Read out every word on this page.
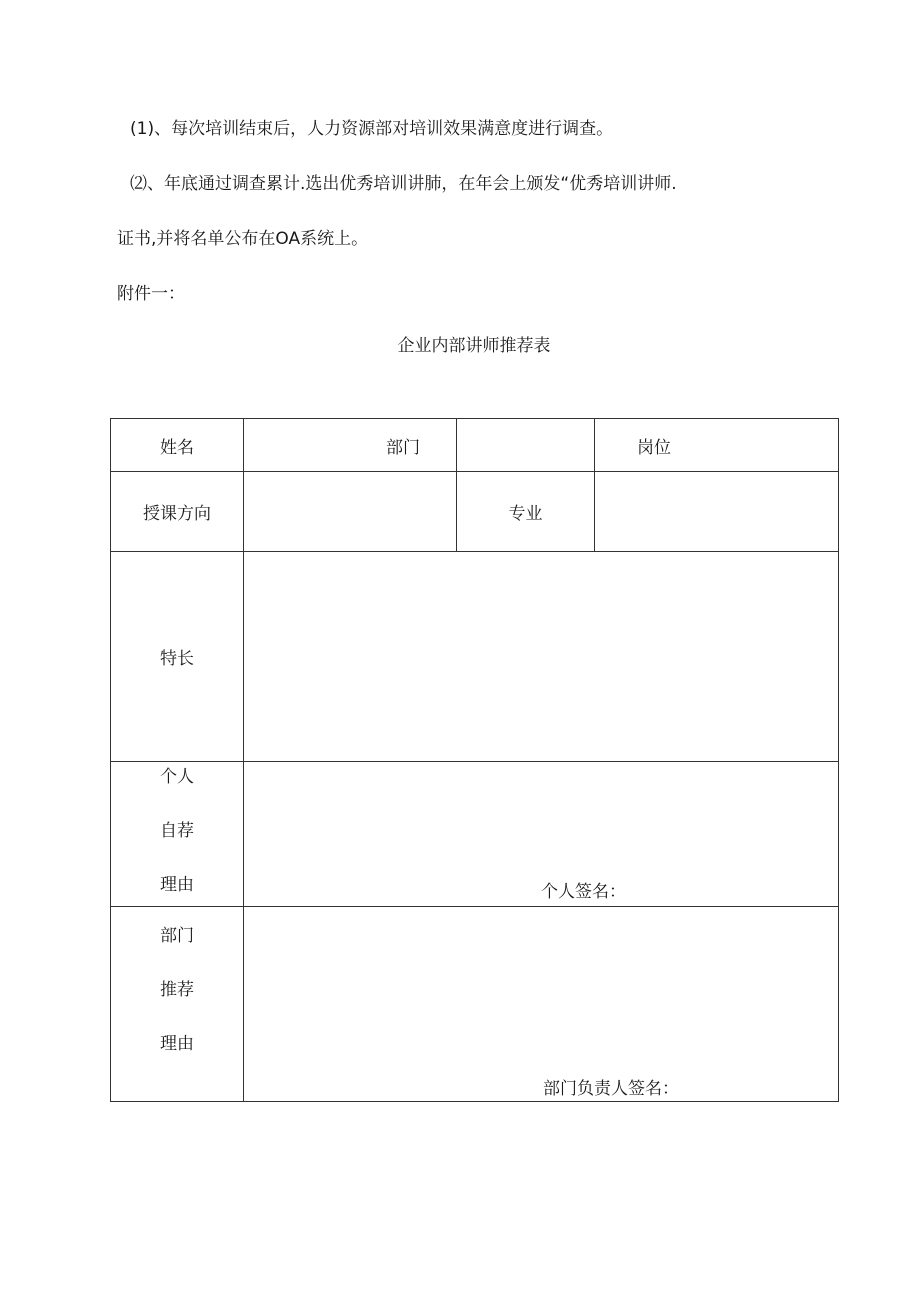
(1)、每次培训结束后，人力资源部对培训效果满意度进行调查。
⑵、年底通过调查累计.选出优秀培训讲肺，在年会上颁发“优秀培训讲师.
证书,并将名单公布在OA系统上。
附件一：
企业内部讲师推荐表
姓名	部门		岗位
授课方向		专业	
特长			

个人
自荐
理由	个人签名：		

部门
推荐
理由	部门负责人签名：		
